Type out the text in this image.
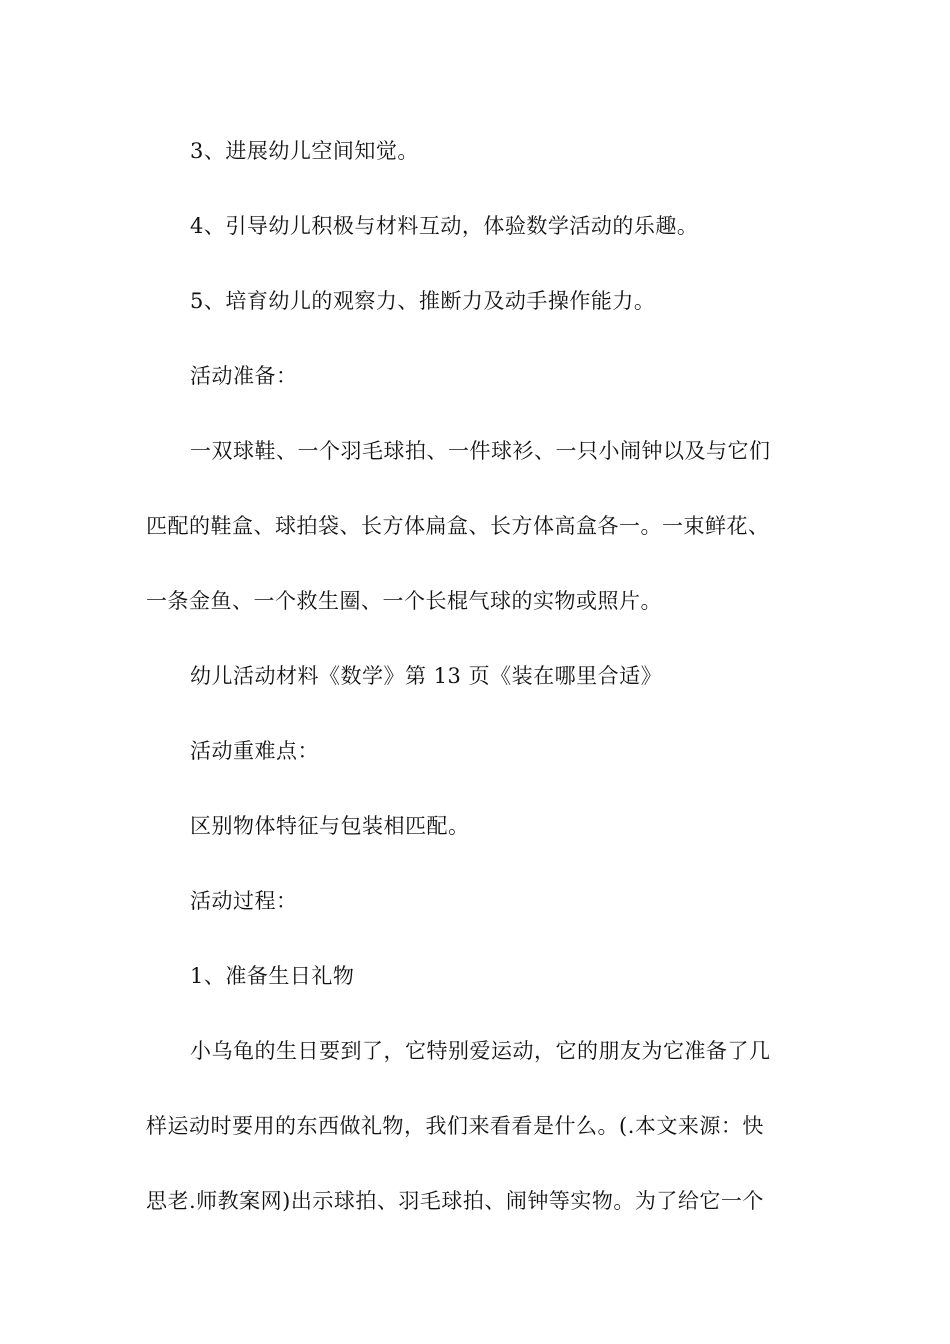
3、进展幼儿空间知觉。
4、引导幼儿积极与材料互动，体验数学活动的乐趣。
5、培育幼儿的观察力、推断力及动手操作能力。
活动准备：
一双球鞋、一个羽毛球拍、一件球衫、一只小闹钟以及与它们
匹配的鞋盒、球拍袋、长方体扁盒、长方体高盒各一。一束鲜花、
一条金鱼、一个救生圈、一个长棍气球的实物或照片。
幼儿活动材料《数学》第 13 页《装在哪里合适》
活动重难点：
区别物体特征与包装相匹配。
活动过程：
1、准备生日礼物
小乌龟的生日要到了，它特别爱运动，它的朋友为它准备了几
样运动时要用的东西做礼物，我们来看看是什么。(.本文来源：快
思老.师教案网)出示球拍、羽毛球拍、闹钟等实物。为了给它一个
